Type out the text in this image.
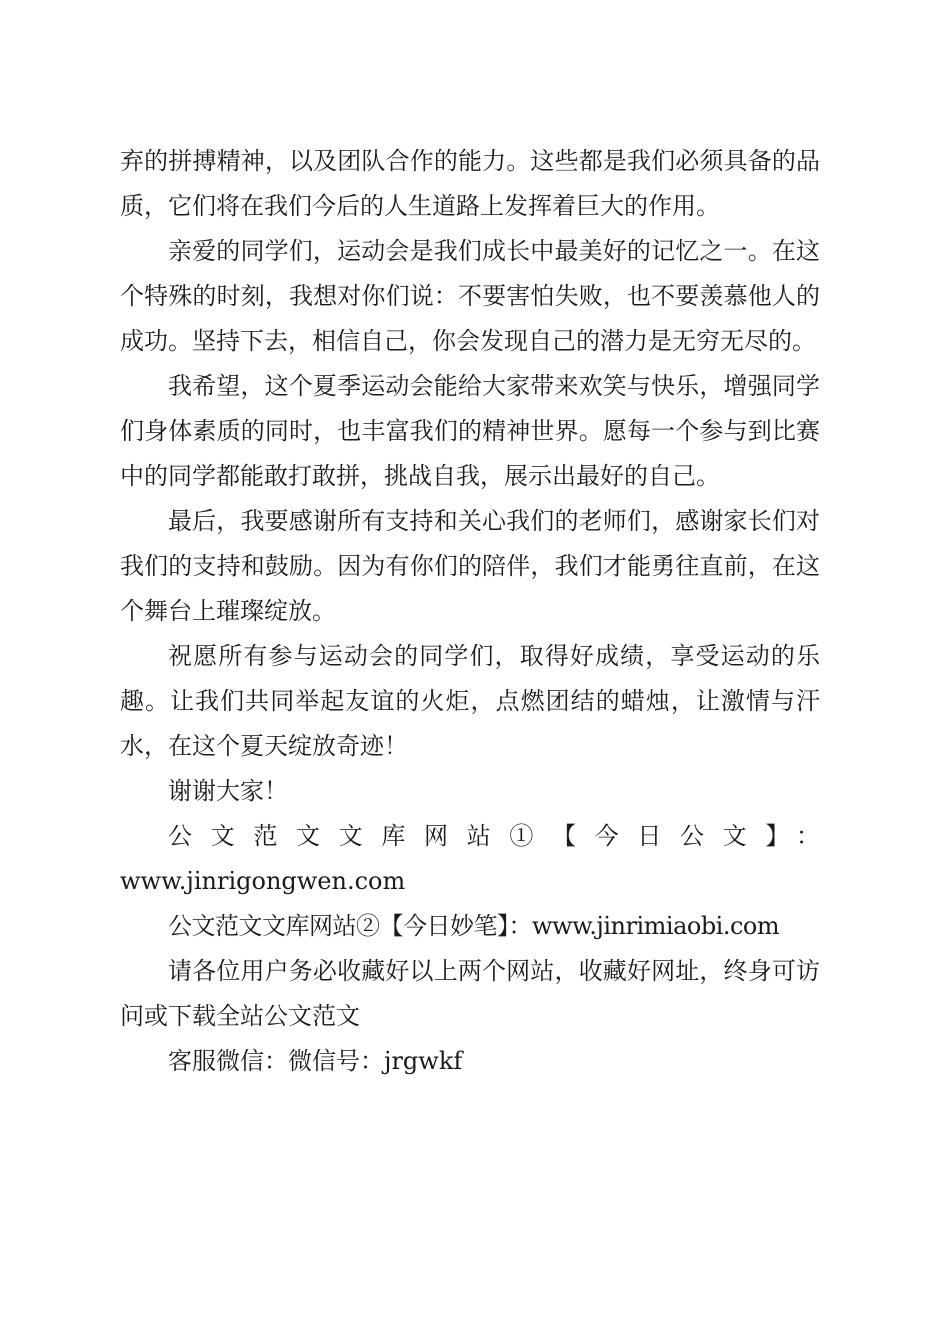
弃的拼搏精神，以及团队合作的能力。这些都是我们必须具备的品质，它们将在我们今后的人生道路上发挥着巨大的作用。

亲爱的同学们，运动会是我们成长中最美好的记忆之一。在这个特殊的时刻，我想对你们说：不要害怕失败，也不要羡慕他人的成功。坚持下去，相信自己，你会发现自己的潜力是无穷无尽的。

我希望，这个夏季运动会能给大家带来欢笑与快乐，增强同学们身体素质的同时，也丰富我们的精神世界。愿每一个参与到比赛中的同学都能敢打敢拼，挑战自我，展示出最好的自己。

最后，我要感谢所有支持和关心我们的老师们，感谢家长们对我们的支持和鼓励。因为有你们的陪伴，我们才能勇往直前，在这个舞台上璀璨绽放。

祝愿所有参与运动会的同学们，取得好成绩，享受运动的乐趣。让我们共同举起友谊的火炬，点燃团结的蜡烛，让激情与汗水，在这个夏天绽放奇迹！

谢谢大家！

公文范文文库网站①【今日公文】：

www.jinrigongwen.com

公文范文文库网站②【今日妙笔】：www.jinrimiaobi.com

请各位用户务必收藏好以上两个网站，收藏好网址，终身可访问或下载全站公文范文

客服微信：微信号：jrgwkf
